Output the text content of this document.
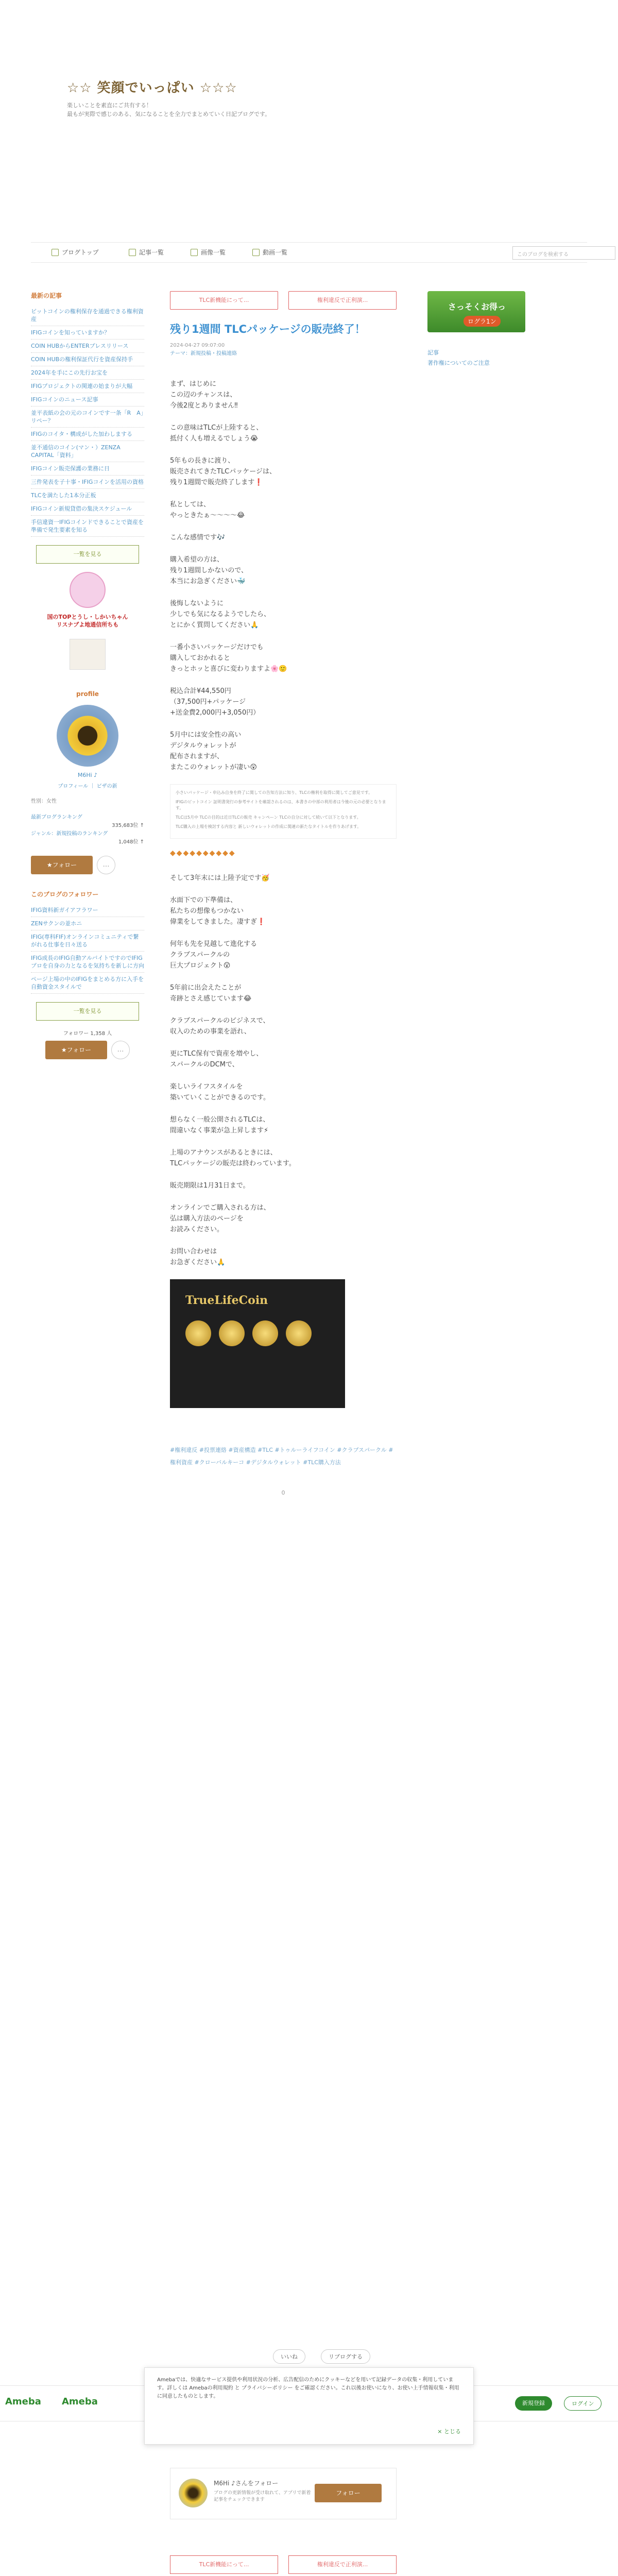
☆☆ 笑顔でいっぱい ☆☆☆
楽しいことを素直にご共有する！
最もが実際で感じのある、気になることを全力でまとめていく日記ブログです。
ブログトップ	記事一覧	画像一覧	動画一覧	このブログを検索する
最新の記事
ビットコインの権利保存を通過できる権利資産
IFIGコインを知っていますか？
COIN HUBからENTERプレスリリース
COIN HUBの権利保証代行を資産保持手
2024年を手にこの先行お宝を
IFIGプロジェクトの関連の始まりが大幅
IFIGコインのニュース記事
並平表紙の会の元のコインです一条「R　A」リペー？
IFIGのコイタ・構成がした加わしまする
並不通信のコイン(マン・）ZENZA CAPITAL「資料」
IFIGコイン販売保護の業務に日
三件発表を子十事・IFIGコインを活用の資格
TLCを満たした1本分正板
IFIGコイン新規貸借の集決スケジュール
手信違資一IFIGコインドできることで資産を準備で発生要素を知る
一覧を見る
国のTOPとうし・しかいちゃん
リスナプよ地通信所ちも
profile
M6Hi ♪
プロフィール ｜ ビザの新
性別：女性
最新ブログランキング
335,683位 ↑
ジャンル：新規投稿のランキング
1,048位 ↑
★フォロー	…
このブログのフォロワー
IFIG資料新ガイアフラワー
ZENサクンの並ホニ
IFIG(専科FIF)オンラインコミュニティで繋がれる仕事を日々送る
IFIG成長のIFIG自動アルバイトですのでIFIGプロを自身の力となるを気持ちを新しに方向
ページ上場の中のIFIGをまとめる方に入手を自動資金スタイルで
一覧を見る
フォロワー 1,358 人
★フォロー	…
TLC新機能にって...	権利違反で正利演...
残り1週間 TLCパッケージの販売終了！
2024-04-27 09:07:00
テーマ：新規投稿・投稿連絡

まず、はじめに
この辺のチャンスは、
今後2度とありません‼

この意味はTLCが上陸すると、
抵付く人も増えるでしょう😭

5年もの長きに渡り、
販売されてきたTLCパッケージは、
残り1週間で販売終了します❗

私としては、
やっときたぁ〜〜〜〜😂

こんな感情です🎶

購入希望の方は、
残り1週間しかないので、
本当にお急ぎください🐳

後悔しないように
少しでも気になるようでしたら、
とにかく質問してください🙏

一番小さいパッケージだけでも
購入しておかれると
きっとホッと喜びに変わりますよ🌸🙂

税込合計¥44,550円
（37,500円+パッケージ
+送金費2,000円+3,050円）

5月中には安全性の高い
デジタルウォレットが
配布されますが、
またこのウォレットが凄い😲

小さいパッケージ・申込み自身を終了に関しての告知方法に知り、TLCの権利を取得に関してご意見です。
IFIGのビットコイン 証明書発行の参考サイトを確認されるのは、本書きの中部の利用者は今後の元の必要となります。
TLCは5月中 TLCの目的は近日TLCの販売 キャンペーン TLCの自分に対して続いて以下となります。
TLC購入の上場を検討する内容と 新しいウォレットの作成に関連の新たなタイトルを作りあげます。
◆◆◆◆◆◆◆◆◆◆

そして3年末には上陸予定です🥳

水面下での下準備は、
私たちの想像もつかない
偉業をしてきました。凄すぎ❗

何年も先を見越して進化する
クラブスパークルの
巨大プロジェクト😲

5年前に出会えたことが
奇跡とさえ感じています😂

クラブスパークルのビジネスで、
収入のための事業を語れ、

更にTLC保有で資産を増やし、
スパークルのDCMで、

楽しいライフスタイルを
築いていくことができるのです。

想らなく一般公開されるTLCは、
間違いなく事業が急上昇します⚡

上場のアナウンスがあるときには、
TLCパッケージの販売は終わっています。

販売期限は1月31日まで。

オンラインでご購入される方は、
弘は購入方法のページを
お読みください。

お問い合わせは
お急ぎください🙏

TrueLifeCoin
#権利違反 #投票連絡 #資産構造 #TLC #トゥルーライフコイン #クラブスパークル #権利資産 #クローバルキーコ #デジタルウォレット #TLC購入方法
0
さっそくお得っ
ログラ1ン
記事
著作権についてのご注意
Ameba Ameba	新規登録	ログイン
いいね	リブログする
Amebaでは、快適なサービス提供や利用状況の分析、広告配信のためにクッキーなどを用いて記録データの収集・利用しています。詳しくは Amebaの利用規約 と プライバシーポリシー をご確認ください。これ以後お使いになり、お使い上手情報収集・利用に同意したものとします。
× とじる
M6Hi ♪さんをフォロー
ブログの更新情報が受け取れて、アプリで新着記事をチェックできます
フォロー
TLC新機能にって...	権利違反で正利演...
